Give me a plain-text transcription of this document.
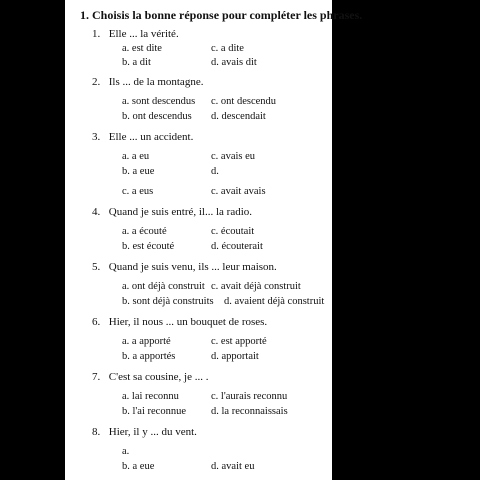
1. Choisis la bonne réponse pour compléter les phrases.
1. Elle ... la vérité.
a. est dite	c. a dite
b. a dit	d. avais dit
2. Ils ... de la montagne.
a. sont descendus c. ont descendu
b. ont descendus d. descendait
3. Elle ... un accident.
a. a eu	c. avais eu
b. a eue	d.
c. a eus	c. avait avais
4. Quand je suis entré, il... la radio.
a. a écouté	c. écoutait
b. est écouté	d. écouterait
5. Quand je suis venu, ils ... leur maison.
a. ont déjà construit c. avait déjà construit
b. sont déjà construits d. avaient déjà construit
6. Hier, il nous ... un bouquet de roses.
a. a apporté	c. est apporté
b. a apportés	d. apportait
7. C'est sa cousine, je ... .
a. lai reconnu	c. l'aurais reconnu
b. l'ai reconnue d. la reconnaissais
8. Hier, il y ... du vent.
a.
b. a eue	d. avait eu
